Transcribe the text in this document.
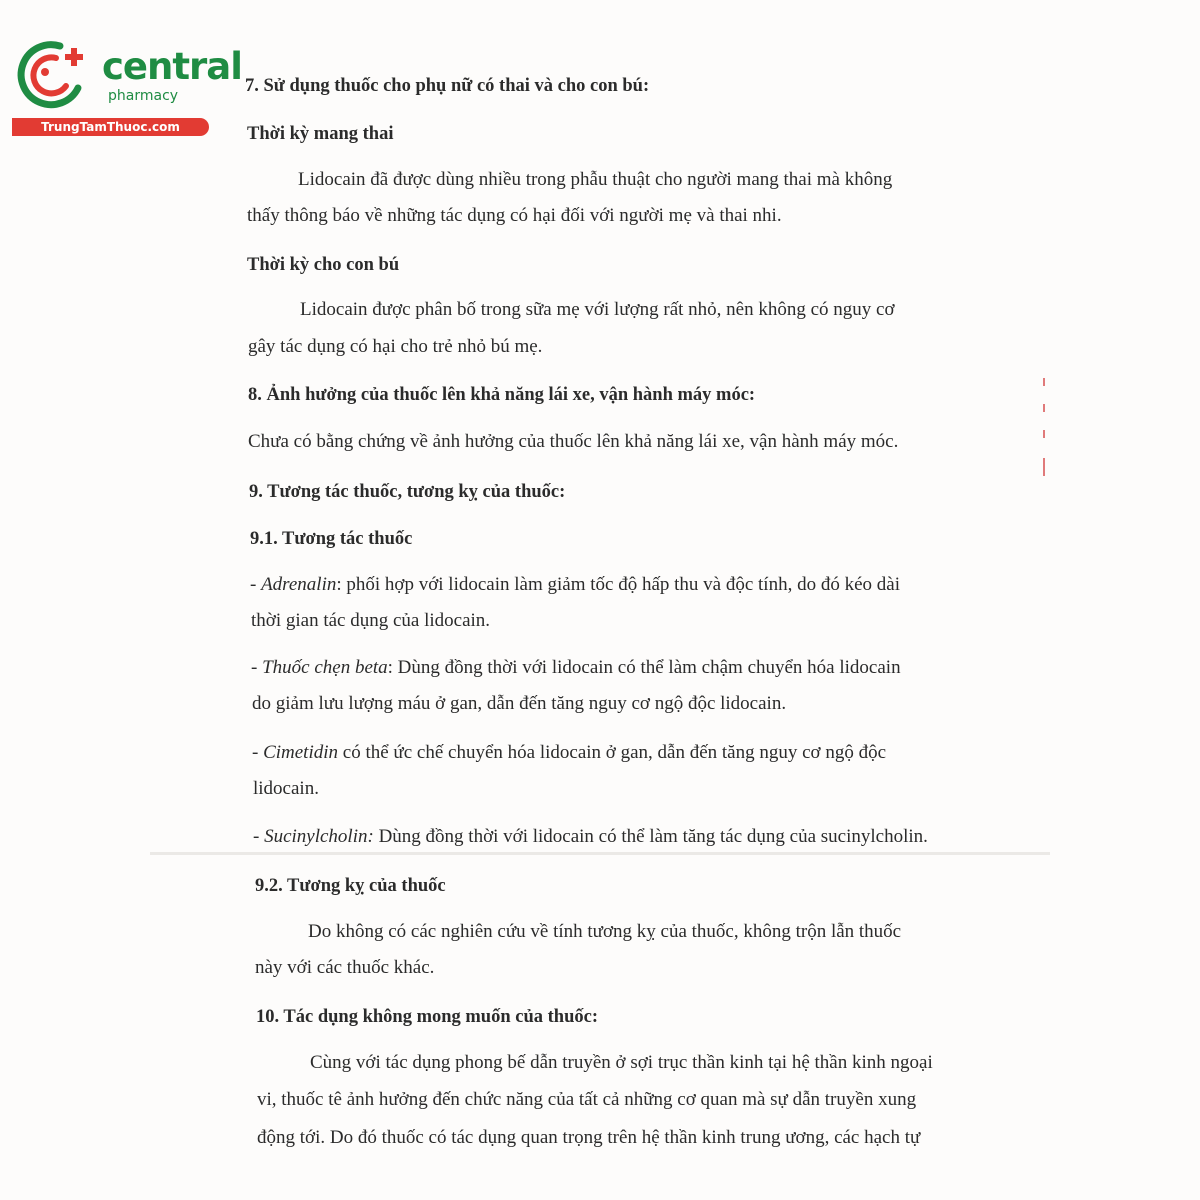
central
pharmacy
TrungTamThuoc.com
7. Sử dụng thuốc cho phụ nữ có thai và cho con bú:
Thời kỳ mang thai
Lidocain đã được dùng nhiều trong phẫu thuật cho người mang thai mà không
thấy thông báo về những tác dụng có hại đối với người mẹ và thai nhi.
Thời kỳ cho con bú
Lidocain được phân bố trong sữa mẹ với lượng rất nhỏ, nên không có nguy cơ
gây tác dụng có hại cho trẻ nhỏ bú mẹ.
8. Ảnh hưởng của thuốc lên khả năng lái xe, vận hành máy móc:
Chưa có bằng chứng về ảnh hưởng của thuốc lên khả năng lái xe, vận hành máy móc.
9. Tương tác thuốc, tương kỵ của thuốc:
9.1. Tương tác thuốc
- Adrenalin: phối hợp với lidocain làm giảm tốc độ hấp thu và độc tính, do đó kéo dài
thời gian tác dụng của lidocain.
- Thuốc chẹn beta: Dùng đồng thời với lidocain có thể làm chậm chuyển hóa lidocain
do giảm lưu lượng máu ở gan, dẫn đến tăng nguy cơ ngộ độc lidocain.
- Cimetidin có thể ức chế chuyển hóa lidocain ở gan, dẫn đến tăng nguy cơ ngộ độc
lidocain.
- Sucinylcholin: Dùng đồng thời với lidocain có thể làm tăng tác dụng của sucinylcholin.
9.2. Tương kỵ của thuốc
Do không có các nghiên cứu về tính tương kỵ của thuốc, không trộn lẫn thuốc
này với các thuốc khác.
10. Tác dụng không mong muốn của thuốc:
Cùng với tác dụng phong bế dẫn truyền ở sợi trục thần kinh tại hệ thần kinh ngoại
vi, thuốc tê ảnh hưởng đến chức năng của tất cả những cơ quan mà sự dẫn truyền xung
động tới. Do đó thuốc có tác dụng quan trọng trên hệ thần kinh trung ương, các hạch tự
